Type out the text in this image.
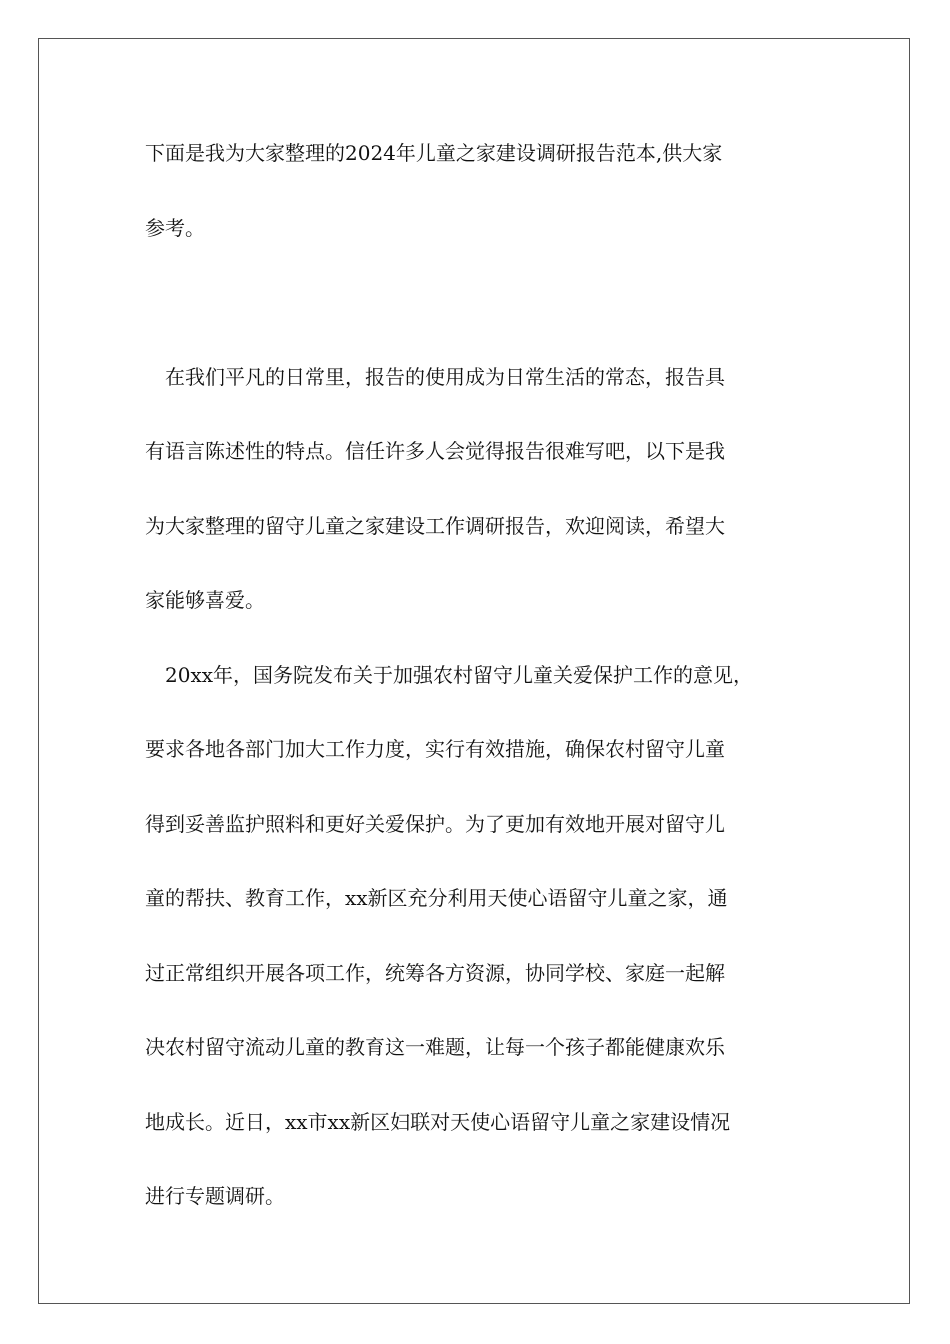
下面是我为大家整理的2024年儿童之家建设调研报告范本,供大家
参考。
　在我们平凡的日常里，报告的使用成为日常生活的常态，报告具
有语言陈述性的特点。信任许多人会觉得报告很难写吧，以下是我
为大家整理的留守儿童之家建设工作调研报告，欢迎阅读，希望大
家能够喜爱。
　20xx年，国务院发布关于加强农村留守儿童关爱保护工作的意见，
要求各地各部门加大工作力度，实行有效措施，确保农村留守儿童
得到妥善监护照料和更好关爱保护。为了更加有效地开展对留守儿
童的帮扶、教育工作，xx新区充分利用天使心语留守儿童之家，通
过正常组织开展各项工作，统筹各方资源，协同学校、家庭一起解
决农村留守流动儿童的教育这一难题，让每一个孩子都能健康欢乐
地成长。近日，xx市xx新区妇联对天使心语留守儿童之家建设情况
进行专题调研。
